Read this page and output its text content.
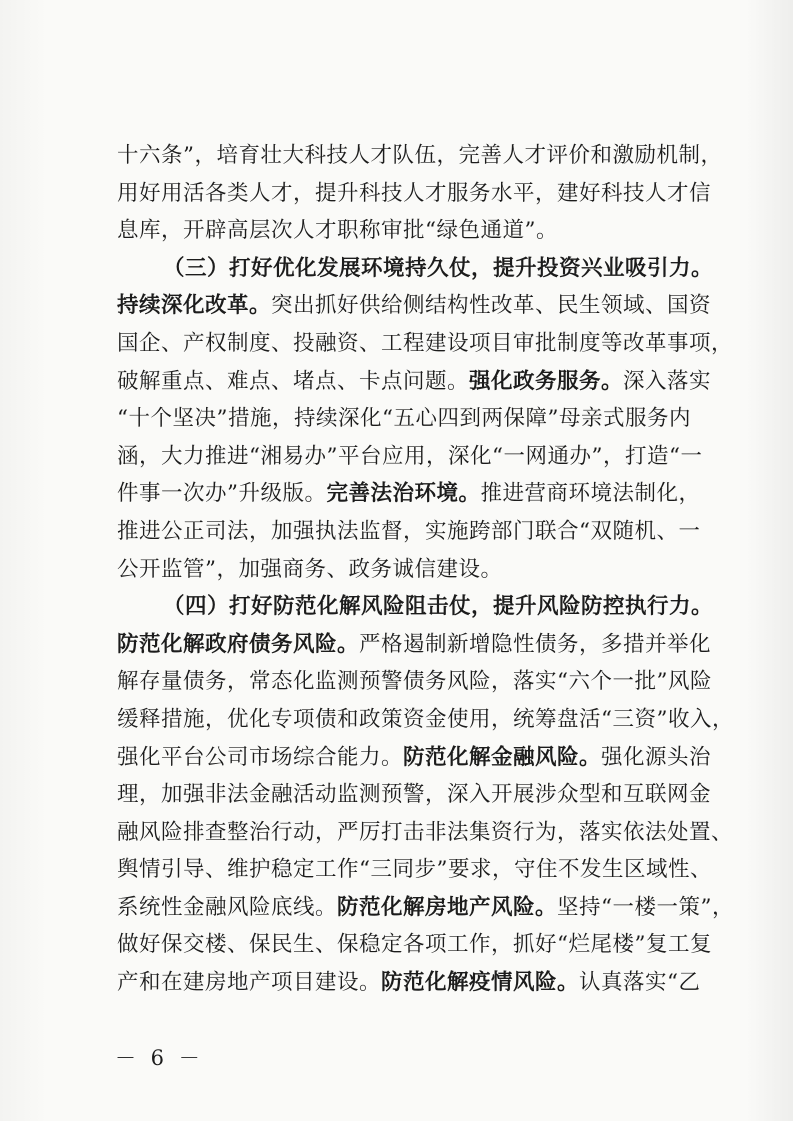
十六条”，培育壮大科技人才队伍，完善人才评价和激励机制，
用好用活各类人才，提升科技人才服务水平，建好科技人才信
息库，开辟高层次人才职称审批“绿色通道”。
（三）打好优化发展环境持久仗，提升投资兴业吸引力。
持续深化改革。突出抓好供给侧结构性改革、民生领域、国资
国企、产权制度、投融资、工程建设项目审批制度等改革事项，
破解重点、难点、堵点、卡点问题。强化政务服务。深入落实
“十个坚决”措施，持续深化“五心四到两保障”母亲式服务内
涵，大力推进“湘易办”平台应用，深化“一网通办”，打造“一
件事一次办”升级版。完善法治环境。推进营商环境法制化，
推进公正司法，加强执法监督，实施跨部门联合“双随机、一
公开监管”，加强商务、政务诚信建设。
（四）打好防范化解风险阻击仗，提升风险防控执行力。
防范化解政府债务风险。严格遏制新增隐性债务，多措并举化
解存量债务，常态化监测预警债务风险，落实“六个一批”风险
缓释措施，优化专项债和政策资金使用，统筹盘活“三资”收入，
强化平台公司市场综合能力。防范化解金融风险。强化源头治
理，加强非法金融活动监测预警，深入开展涉众型和互联网金
融风险排查整治行动，严厉打击非法集资行为，落实依法处置、
舆情引导、维护稳定工作“三同步”要求，守住不发生区域性、
系统性金融风险底线。防范化解房地产风险。坚持“一楼一策”，
做好保交楼、保民生、保稳定各项工作，抓好“烂尾楼”复工复
产和在建房地产项目建设。防范化解疫情风险。认真落实“乙
－ 6 －
